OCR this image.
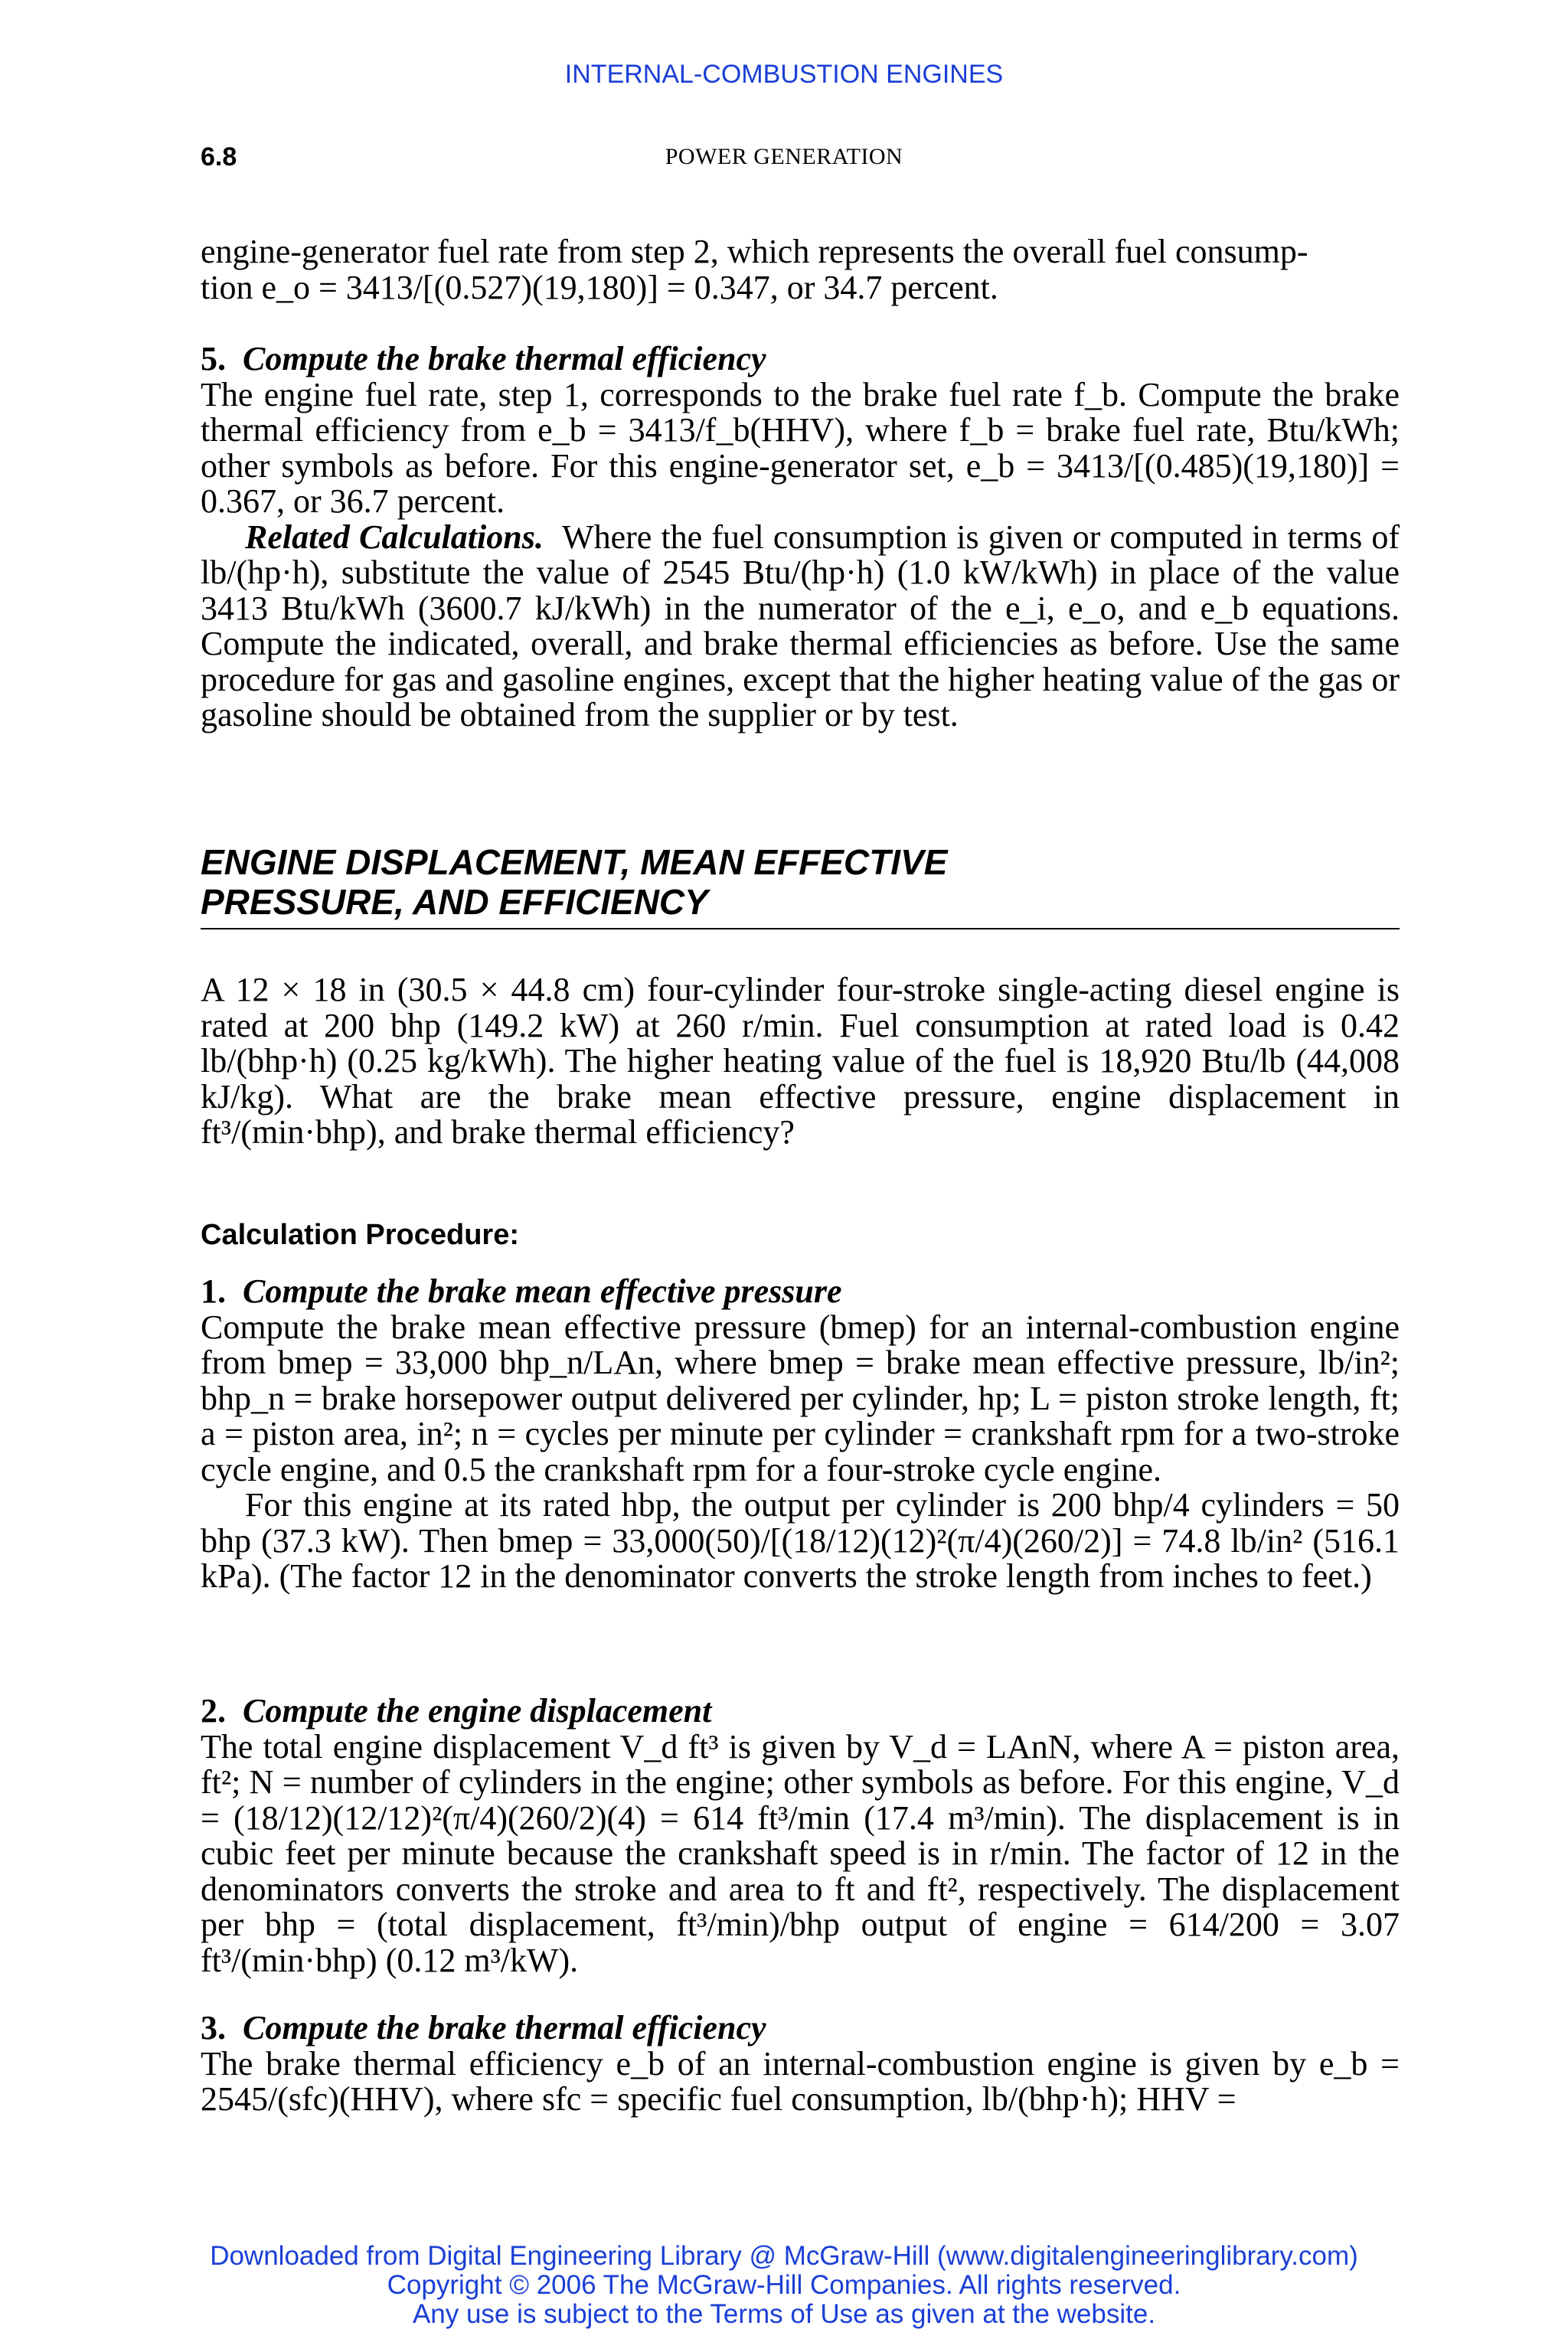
INTERNAL-COMBUSTION ENGINES
6.8	POWER GENERATION

engine-generator fuel rate from step 2, which represents the overall fuel consump-

tion e_o = 3413/[(0.527)(19,180)] = 0.347, or 34.7 percent.

5. Compute the brake thermal efficiency

The engine fuel rate, step 1, corresponds to the brake fuel rate f_b. Compute the brake thermal efficiency from e_b = 3413/f_b(HHV), where f_b = brake fuel rate, Btu/kWh; other symbols as before. For this engine-generator set, e_b = 3413/[(0.485)(19,180)] = 0.367, or 36.7 percent.

Related Calculations. Where the fuel consumption is given or computed in terms of lb/(hp·h), substitute the value of 2545 Btu/(hp·h) (1.0 kW/kWh) in place of the value 3413 Btu/kWh (3600.7 kJ/kWh) in the numerator of the e_i, e_o, and e_b equations. Compute the indicated, overall, and brake thermal efficiencies as before. Use the same procedure for gas and gasoline engines, except that the higher heating value of the gas or gasoline should be obtained from the supplier or by test.

ENGINE DISPLACEMENT, MEAN EFFECTIVE
PRESSURE, AND EFFICIENCY

A 12 × 18 in (30.5 × 44.8 cm) four-cylinder four-stroke single-acting diesel engine is rated at 200 bhp (149.2 kW) at 260 r/min. Fuel consumption at rated load is 0.42 lb/(bhp·h) (0.25 kg/kWh). The higher heating value of the fuel is 18,920 Btu/lb (44,008 kJ/kg). What are the brake mean effective pressure, engine displacement in ft³/(min·bhp), and brake thermal efficiency?

Calculation Procedure:

1. Compute the brake mean effective pressure

Compute the brake mean effective pressure (bmep) for an internal-combustion engine from bmep = 33,000 bhp_n/LAn, where bmep = brake mean effective pressure, lb/in²; bhp_n = brake horsepower output delivered per cylinder, hp; L = piston stroke length, ft; a = piston area, in²; n = cycles per minute per cylinder = crankshaft rpm for a two-stroke cycle engine, and 0.5 the crankshaft rpm for a four-stroke cycle engine.

For this engine at its rated hbp, the output per cylinder is 200 bhp/4 cylinders = 50 bhp (37.3 kW). Then bmep = 33,000(50)/[(18/12)(12)²(π/4)(260/2)] = 74.8 lb/in² (516.1 kPa). (The factor 12 in the denominator converts the stroke length from inches to feet.)

2. Compute the engine displacement

The total engine displacement V_d ft³ is given by V_d = LAnN, where A = piston area, ft²; N = number of cylinders in the engine; other symbols as before. For this engine, V_d = (18/12)(12/12)²(π/4)(260/2)(4) = 614 ft³/min (17.4 m³/min). The displacement is in cubic feet per minute because the crankshaft speed is in r/min. The factor of 12 in the denominators converts the stroke and area to ft and ft², respectively. The displacement per bhp = (total displacement, ft³/min)/bhp output of engine = 614/200 = 3.07 ft³/(min·bhp) (0.12 m³/kW).

3. Compute the brake thermal efficiency

The brake thermal efficiency e_b of an internal-combustion engine is given by e_b = 2545/(sfc)(HHV), where sfc = specific fuel consumption, lb/(bhp·h); HHV =

Downloaded from Digital Engineering Library @ McGraw-Hill (www.digitalengineeringlibrary.com)
Copyright © 2006 The McGraw-Hill Companies. All rights reserved.
Any use is subject to the Terms of Use as given at the website.
